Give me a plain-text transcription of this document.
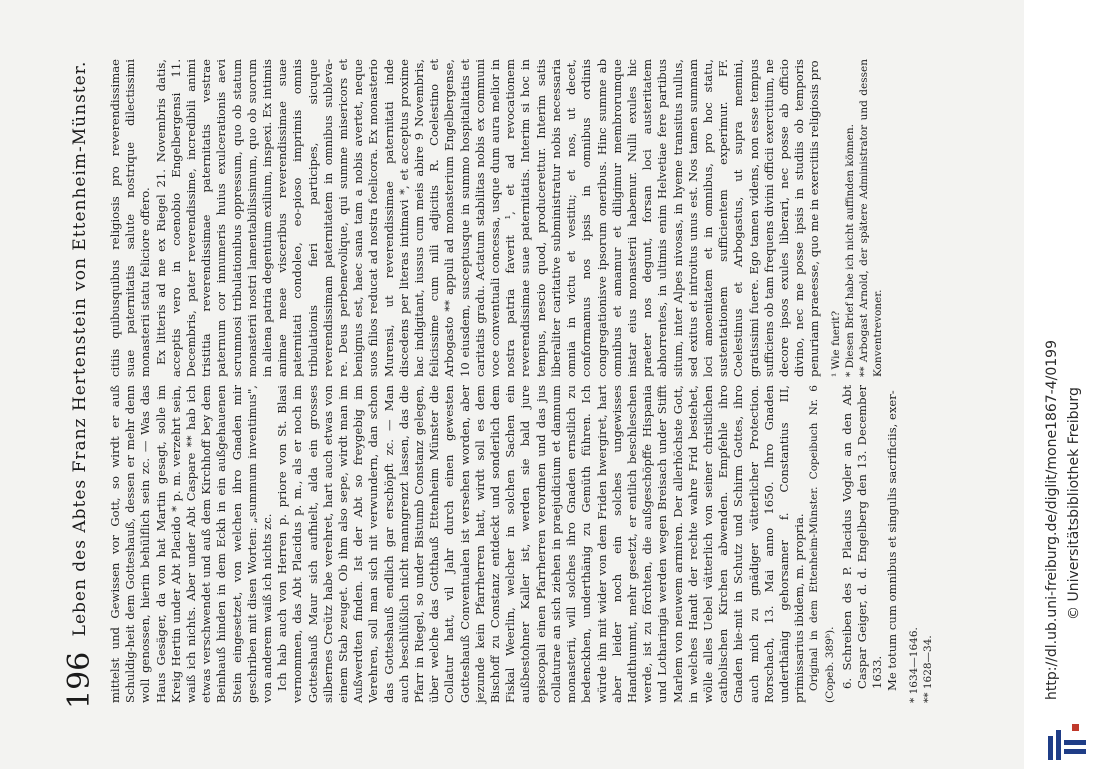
196
Leben des Abtes Franz Hertenstein von Ettenheim-Münster. mittelst und Gewissen vor Gott, so wirdt er auß Schuldig-heit dem Gotteshauß, dessen er mehr denn woll genossen, hierin behülflich sein zc. — Was das Haus Gesäger, da von hat Martin gesagt, solle im Kreig Hertin under Abt Placido * p. m. verzehrt sein, waiß ich nichts. Aber under Abt Caspare ** hab ich etwas verschwendet und auß dem Kirchhoff bey dem Beinhauß hinden in dem Eckh in ein außgehauenen Stein eingesetzet, von welchen ihro Gnaden mir geschriben mit disen Worten: „summum inventimus", von anderem waiß ich nichts zc. Ich hab auch von Herren p. priore von St. Blasi vernommen, das Abt Placidus p. m., als er noch im Gotteshauß Maur sich aufhielt, alda ein grosses silbernes Creütz habe verehret, hart auch etwas von einem Stab zeuget. Ob ihm also sepe, wirdt man im Außwerdten finden. Ist der Abt so freygebig im Verehren, soll man sich nit verwundern, dan schon das Gotteshauß endlich gar erschöpft zc. — Man auch beschlüßlich nicht manngrenzt lassen, das die Pfarr in Riegel, so under Bistumb Constanz gelegen, über welche das Gotthauß Ettenheim Münster die Collatur hatt, vil Jahr durch einen gewesten Gotteshauß Conventualen ist versehen worden, aber jezunde kein Pfarrherren hatt, wirdt soll es dem Bischoff zu Constanz entdeckt und sonderlich dem Fiskal Weerlin, welcher in solchen Sachen ein außbestohner Kaller ist, werden sie bald jure episcopali einen Pfarrherren verordnen und das jus collaturae an sich ziehen in praejudicium et damnum monasterii, will solches ihro Gnaden ernstlich zu bedenckhen, underthänig zu Gemüth führen. Ich würde ihn mit wider von dem Friden hwergiret, hart aber leider noch ein solches ungewisses Handthummt, mehr gesetzt, er entlich beschleschen werde, ist zu förchten, die außgeschöpffe Hispania und Lotharingia werden wegen Breisach under Stifft Marlem von neuwem armiren. Der allerhöchste Gott, in welches Handt der rechte wahre Frid bestehet, wölle alles Uebel vätterlich von seiner christlichen catholischen Kirchen abwenden. Empfehle ihro Gnaden hie-mit in Schutz und Schirm Gottes, ihro auch mich zu gnädiger vätterlicher Protection. Rorschach, 13. Mai anno 1650. Ihro Gnaden underthänig gehorsamer f. Constantius III, primissarius ibidem, m. propria. Original in dem Ettenheim-Münster. Copeibuch Nr. 6 (Copeb. 389ᵇ). 6. Schreiben des P. Placidus Vogler an den Abt Caspar Geiger, d. d. Engelberg den 13. December 1633. Me totum cum omnibus et singulis sacrificiis, exer- * 1634—1646. ** 1628—34.

citiis quibusquibus religiosis pro reverendissimae suae paternitatis salute nostrique dilectissimi monasterii statu feliciore offero. Ex litteris ad me ex Riegel 21. Novembris datis, acceptis vero in coenobio Engelbergensi 11. Decembris, pater reverendissime, incredibili animi tristitia reverendissimae paternitatis vestrae paternum cor innumeris huius exulcerationis aevi scrumnosi tribulationibus oppressum, quo ob statum monasterii nostri lamentabilissimum, quo ob suorum in aliena patria degentium exilium, inspexi. Ex intimis animae meae visceribus reverendissimae suae paternitati condoleo, eo-pioso imprimis omnis tribulationis fieri participes, sicuque reverendissimam paternitatem in omnibus subleva-re. Deus perbenevolique, qui summe misericors et benignus est, haec sana tam a nobis avertet, neque suos filios reducat ad nostra foelicora. Ex monasterio Murensi, ut reverendissimae paternitati inde discedens per literas intimavi *, et acceptus proxime hac indigitant, iussus cum meis abire 9 Novembris, felicissime cum nili adjicitis R. Coelestino et Arbogasto ** appuli ad monasterium Engelbergense, 10 eiusdem, susceptusque in summo hospitalitatis et caritatis gradu. Actatum stabilitas nobis ex communi voce conventuali concessa, usque dum aura melior in nostra patria faverit ¹, et ad revocationem reverendissimae suae paternitatis. Interim si hoc in tempus, nescio quod, producerettur. Interim satis liberaliter caritative subministratur nobis necessaria omnia in victu et vestitu; et nos, ut decet, conformamus nos ipsis in omnibus ordinis congregationisve ipsorum oneribus. Hinc summe ab omnibus et amamur et diligimur membrorumque instar eius monasterii habemur. Nulli exules hic praeter nos degunt, forsan loci austeritatem abhorrentes, in ultimis enim Helvetiae fere partibus situm, inter Alpes nivosas, in hyeme transitus nullus, sed exitus et introitus unus est. Nos tamen summam loci amoenitatem et in omnibus, pro hoc statu, sustentationem sufficientem experimur. FF. Coelestinus et Arbogastus, ut supra memini, gratissimi fuere. Ego tamen videns, non esse tempus sufficiens ob tam frequens divini officii exercitium, ne decore ipsos exules liberari, nec posse ab officio divino, nec me posse ipsis in studiis ob temporis penuriam praeesse, quo me in exercitiis religiosis pro ¹ Wie fuerit? * Diesen Brief habe ich nicht auffinden können. ** Arbogast Arnold, der spätere Administrator und dessen Konventrevoner.
http://dl.ub.uni-freiburg.de/diglit/mone1867-4/0199 © Universitätsbibliothek Freiburg
